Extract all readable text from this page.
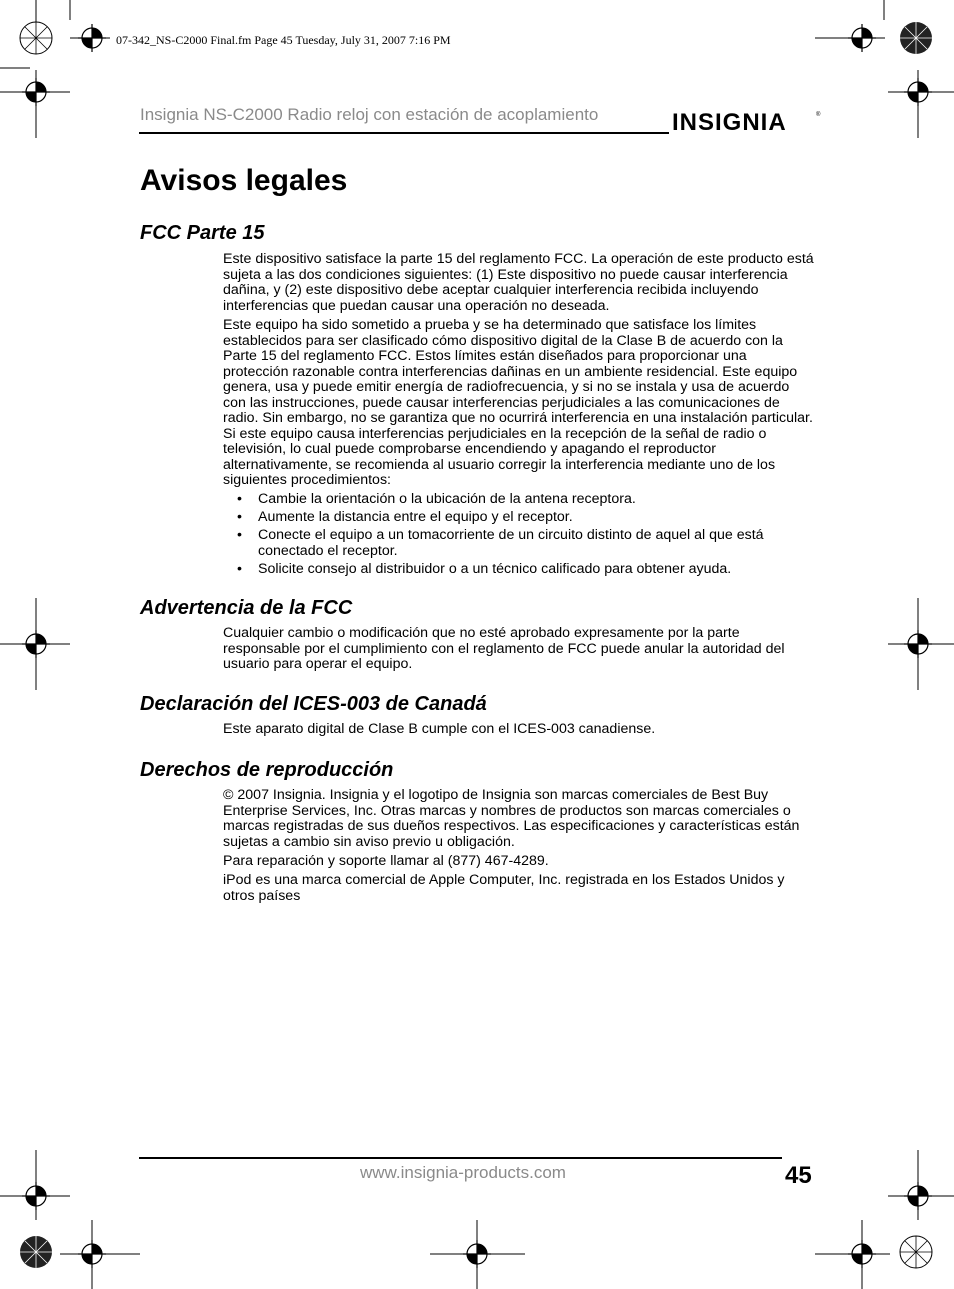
07-342_NS-C2000 Final.fm Page 45 Tuesday, July 31, 2007 7:16 PM
Insignia NS-C2000 Radio reloj con estación de acoplamiento	INSIGNIA	®
Avisos legales
FCC Parte 15

Este dispositivo satisface la parte 15 del reglamento FCC. La operación de este producto está sujeta a las dos condiciones siguientes: (1) Este dispositivo no puede causar interferencia dañina, y (2) este dispositivo debe aceptar cualquier interferencia recibida incluyendo interferencias que puedan causar una operación no deseada.

Este equipo ha sido sometido a prueba y se ha determinado que satisface los límites establecidos para ser clasificado cómo dispositivo digital de la Clase B de acuerdo con la Parte 15 del reglamento FCC. Estos límites están diseñados para proporcionar una protección razonable contra interferencias dañinas en un ambiente residencial. Este equipo genera, usa y puede emitir energía de radiofrecuencia, y si no se instala y usa de acuerdo con las instrucciones, puede causar interferencias perjudiciales a las comunicaciones de radio. Sin embargo, no se garantiza que no ocurrirá interferencia en una instalación particular. Si este equipo causa interferencias perjudiciales en la recepción de la señal de radio o televisión, lo cual puede comprobarse encendiendo y apagando el reproductor alternativamente, se recomienda al usuario corregir la interferencia mediante uno de los siguientes procedimientos:

• Cambie la orientación o la ubicación de la antena receptora.
• Aumente la distancia entre el equipo y el receptor.
• Conecte el equipo a un tomacorriente de un circuito distinto de aquel al que está conectado el receptor.
• Solicite consejo al distribuidor o a un técnico calificado para obtener ayuda.
Advertencia de la FCC

Cualquier cambio o modificación que no esté aprobado expresamente por la parte responsable por el cumplimiento con el reglamento de FCC puede anular la autoridad del usuario para operar el equipo.

Declaración del ICES-003 de Canadá

Este aparato digital de Clase B cumple con el ICES-003 canadiense.

Derechos de reproducción

© 2007 Insignia. Insignia y el logotipo de Insignia son marcas comerciales de Best Buy Enterprise Services, Inc. Otras marcas y nombres de productos son marcas comerciales o marcas registradas de sus dueños respectivos. Las especificaciones y características están sujetas a cambio sin aviso previo u obligación.

Para reparación y soporte llamar al (877) 467-4289.

iPod es una marca comercial de Apple Computer, Inc. registrada en los Estados Unidos y otros países

www.insignia-products.com	45
